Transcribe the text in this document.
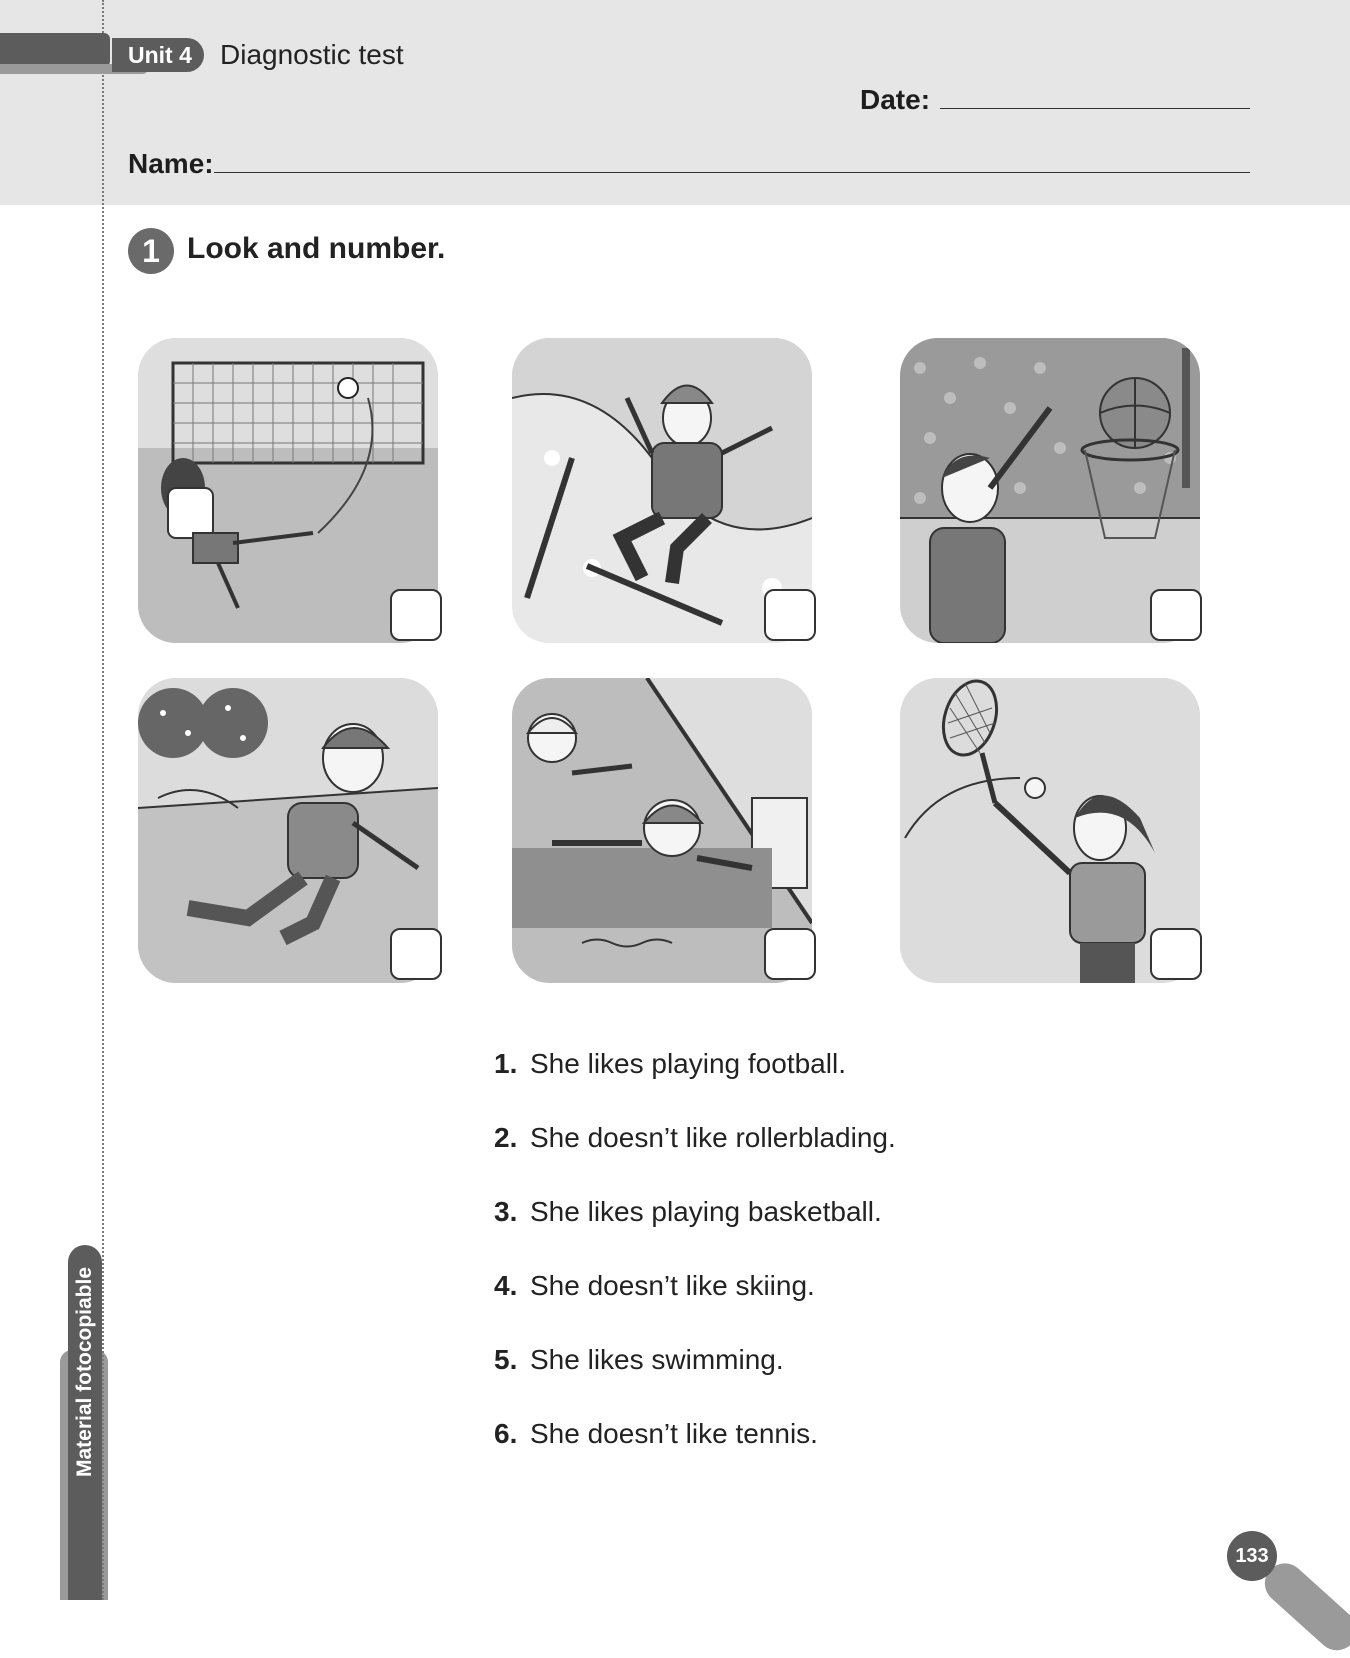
Unit 4	Diagnostic test
Date:
Name:
1 Look and number.
1. She likes playing football.
2. She doesn’t like rollerblading.
3. She likes playing basketball.
4. She doesn’t like skiing.
5. She likes swimming.
6. She doesn’t like tennis.
Material fotocopiable
133
